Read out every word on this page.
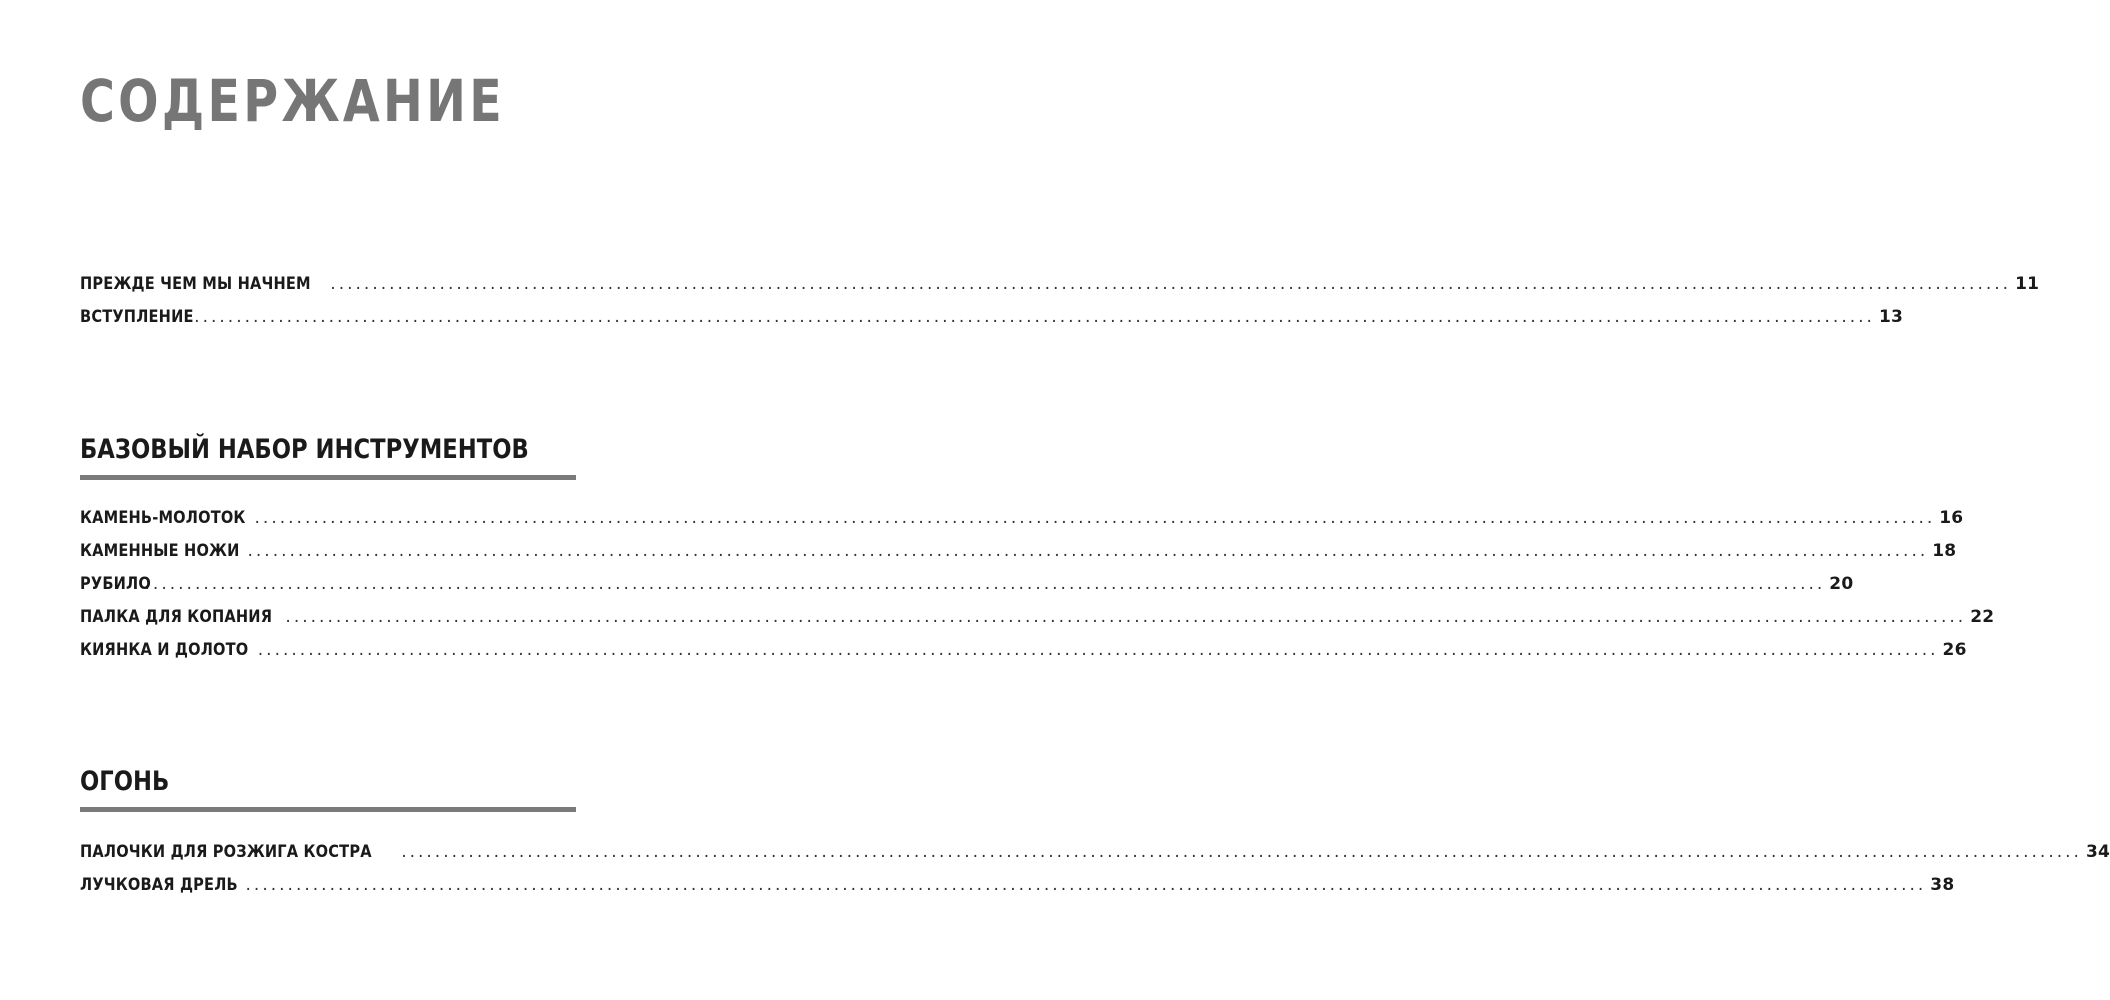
СОДЕРЖАНИЕ
ПРЕЖДЕ ЧЕМ МЫ НАЧНЕМ ........................................................................................................................................................................................................ 11
ВСТУПЛЕНИЕ ........................................................................................................................................................................................................ 13
БАЗОВЫЙ НАБОР ИНСТРУМЕНТОВ
КАМЕНЬ-МОЛОТОК ........................................................................................................................................................................................................ 16
КАМЕННЫЕ НОЖИ ........................................................................................................................................................................................................ 18
РУБИЛО
........................................................................................................................................................................................................ 20
ПАЛКА ДЛЯ КОПАНИЯ ........................................................................................................................................................................................................ 22
КИЯНКА И ДОЛОТО ........................................................................................................................................................................................................ 26
ОГОНЬ
ПАЛОЧКИ ДЛЯ РОЗЖИГА КОСТРА ........................................................................................................................................................................................................ 34
ЛУЧКОВАЯ ДРЕЛЬ ........................................................................................................................................................................................................ 38
